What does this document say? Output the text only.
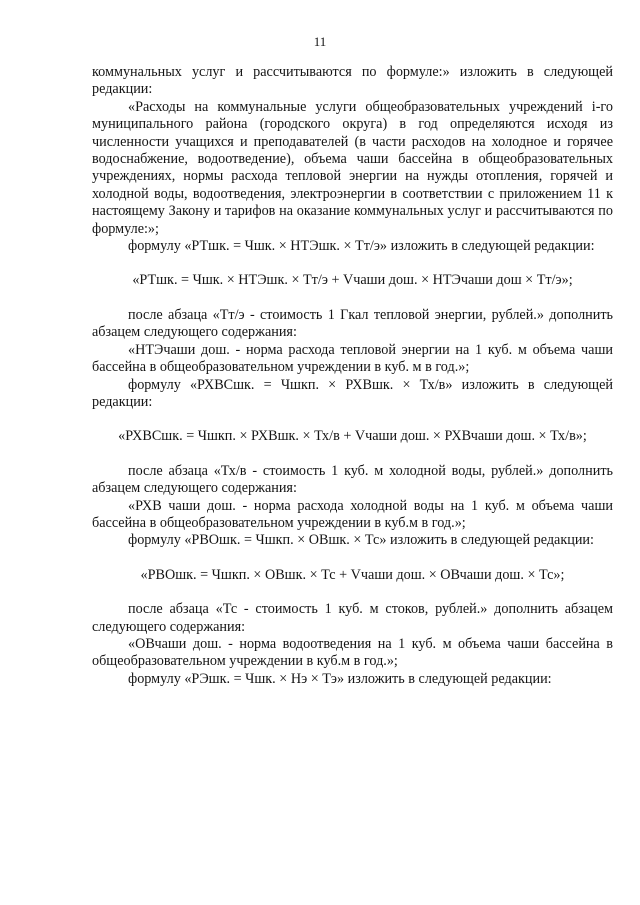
11

коммунальных услуг и рассчитываются по формуле:» изложить в следующей редакции:

«Расходы на коммунальные услуги общеобразовательных учреждений i-го муниципального района (городского округа) в год определяются исходя из численности учащихся и преподавателей (в части расходов на холодное и горячее водоснабжение, водоотведение), объема чаши бассейна в общеобразовательных учреждениях, нормы расхода тепловой энергии на нужды отопления, горячей и холодной воды, водоотведения, электроэнергии в соответствии с приложением 11 к настоящему Закону и тарифов на оказание коммунальных услуг и рассчитываются по формуле:»;

формулу «РТшк. = Чшк. × НТЭшк. × Тт/э» изложить в следующей редакции:

«РТшк. = Чшк. × НТЭшк. × Тт/э + Vчаши дош. × НТЭчаши дош × Тт/э»;

после абзаца «Тт/э - стоимость 1 Гкал тепловой энергии, рублей.» дополнить абзацем следующего содержания:

«НТЭчаши дош. - норма расхода тепловой энергии на 1 куб. м объема чаши бассейна в общеобразовательном учреждении в куб. м в год.»;

формулу «РХВСшк. = Чшкп. × РХВшк. × Тх/в» изложить в следующей редакции:

«РХВСшк. = Чшкп. × РХВшк. × Тх/в + Vчаши дош. × РХВчаши дош. × Тх/в»;

после абзаца «Тх/в - стоимость 1 куб. м холодной воды, рублей.» дополнить абзацем следующего содержания:

«РХВ чаши дош. - норма расхода холодной воды на 1 куб. м объема чаши бассейна в общеобразовательном учреждении в куб.м в год.»;

формулу «РВОшк. = Чшкп. × ОВшк. × Тс» изложить в следующей редакции:

«РВОшк. = Чшкп. × ОВшк. × Тс + Vчаши дош. × ОВчаши дош. × Тс»;

после абзаца «Тс - стоимость 1 куб. м стоков, рублей.» дополнить абзацем следующего содержания:

«ОВчаши дош. - норма водоотведения на 1 куб. м объема чаши бассейна в общеобразовательном учреждении в куб.м в год.»;

формулу «РЭшк. = Чшк. × Нэ × Тэ» изложить в следующей редакции:
